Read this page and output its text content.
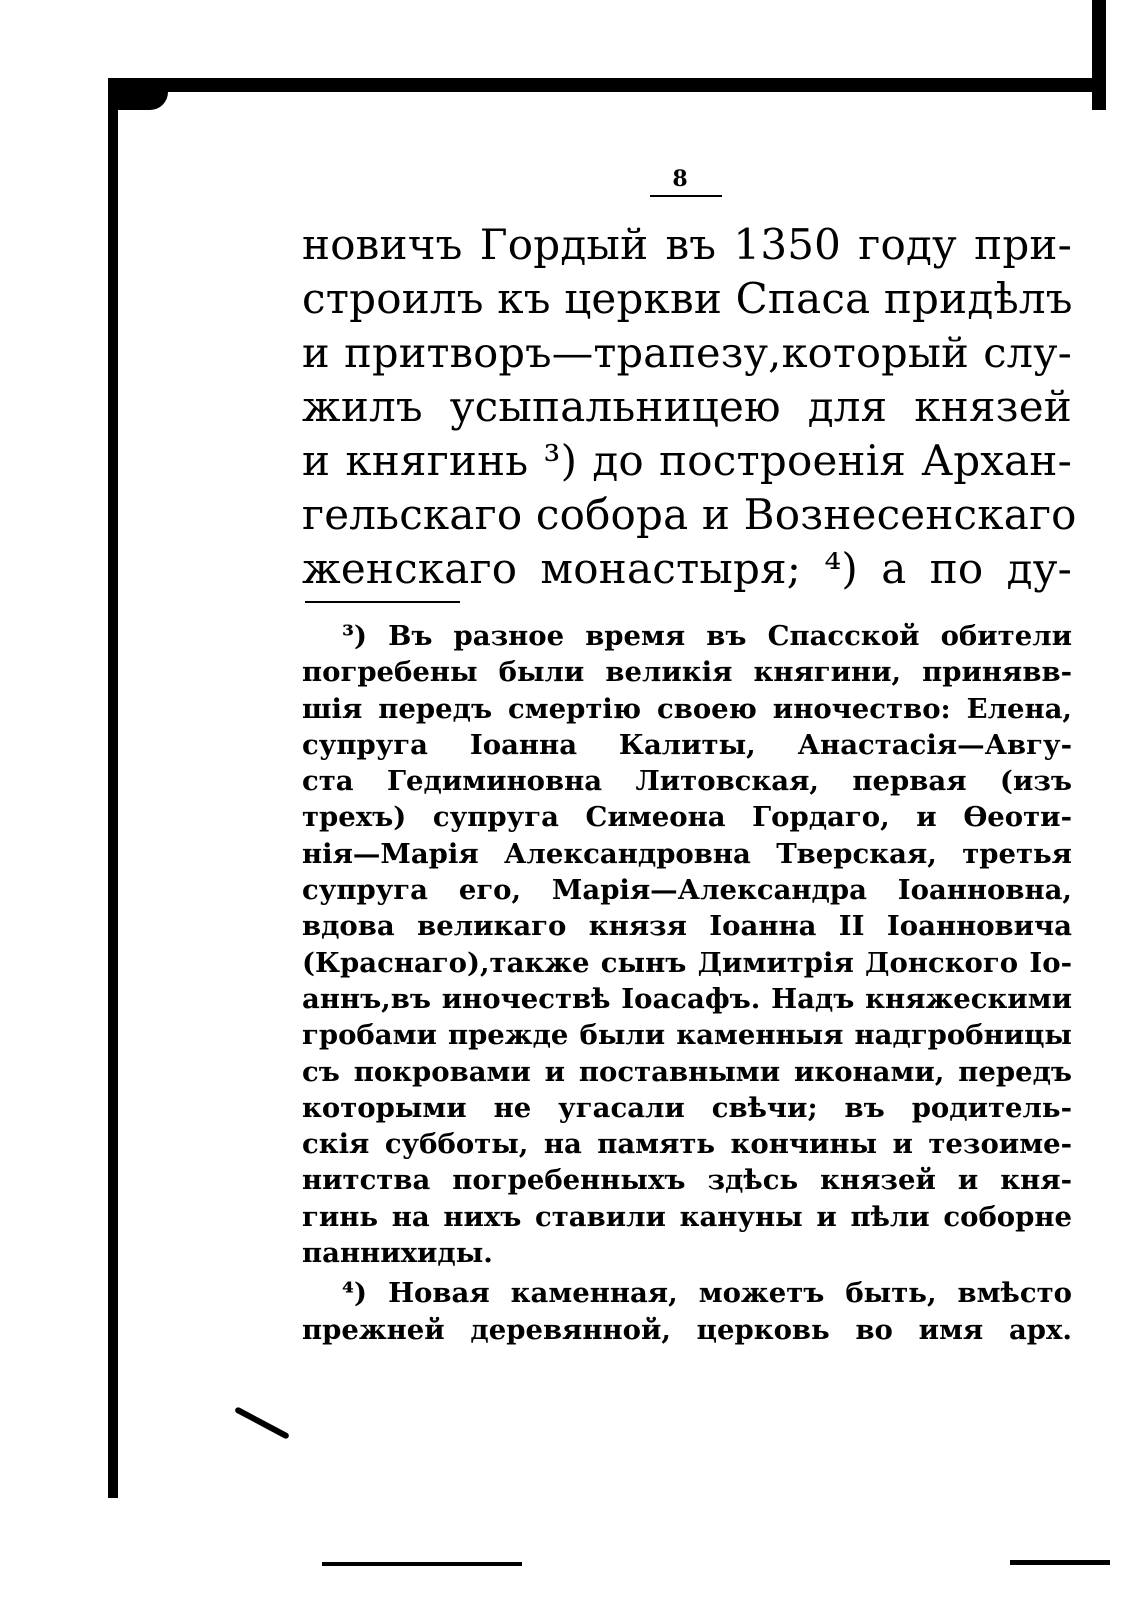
8
новичъ Гордый въ 1350 году при-
строилъ къ церкви Спаса придѣлъ
и притворъ—трапезу,который слу-
жилъ усыпальницею для князей
и княгинь ³) до построенія Архан-
гельскаго собора и Вознесенскаго
женскаго монастыря; ⁴) а по ду-
³) Въ разное время въ Спасской обители
погребены были великія княгини, принявв-
шія передъ смертію своею иночество: Елена,
супруга Іоанна Калиты, Анастасія—Авгу-
ста Гедиминовна Литовская, первая (изъ
трехъ) супруга Симеона Гордаго, и Ѳеоти-
нія—Марія Александровна Тверская, третья
супруга его, Марія—Александра Іоанновна,
вдова великаго князя Іоанна II Іоанновича
(Краснаго),также сынъ Димитрія Донского Іо-
аннъ,въ иночествѣ Іоасафъ. Надъ княжескими
гробами прежде были каменныя надгробницы
съ покровами и поставными иконами, передъ
которыми не угасали свѣчи; въ родитель-
скія субботы, на память кончины и тезоиме-
нитства погребенныхъ здѣсь князей и кня-
гинь на нихъ ставили кануны и пѣли соборне
паннихиды.
⁴) Новая каменная, можетъ быть, вмѣсто
прежней деревянной, церковь во имя арх.
